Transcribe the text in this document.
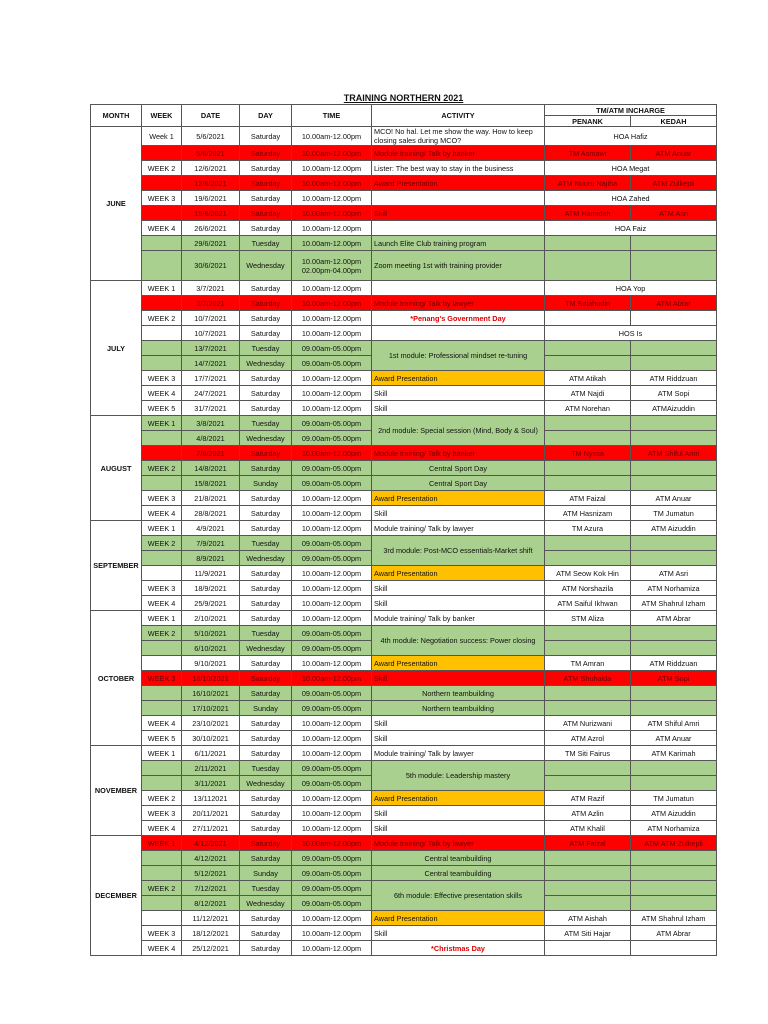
TRAINING NORTHERN 2021							
MONTH	WEEK	DATE	DAY	TIME	ACTIVITY	TM/ATM INCHARGE	
						PENANK	KEDAH
JUNE	Week 1	5/6/2021	Saturday	10.00am-12.00pm	MCO! No hal. Let me show the way. How to keep closing sales during MCO?	HOA Hafiz	
		5/6/2021	Saturday	10.00am-12.00pm	Module training/ Talk by banker	TM Asmawi	ATM Anuar
	WEEK 2	12/6/2021	Saturday	10.00am-12.00pm	Lister: The best way to stay in the business	HOA Megat	
		12/6/2021	Saturday	10.00am-12.00pm	Award Presentation	ATM Nuuru Najiha	ATM Zulkepli
	WEEK 3	19/6/2021	Saturday	10.00am-12.00pm		HOA Zahed	
		19/6/2021	Saturday	10.00am-12.00pm	Skill	ATM Hamidah	ATM Asri
	WEEK 4	26/6/2021	Saturday	10.00am-12.00pm		HOA Faiz	
		29/6/2021	Tuesday	10.00am-12.00pm	Launch Elite Club training program		
		30/6/2021	Wednesday	10.00am-12.00pm 02.00pm-04.00pm	Zoom meeting 1st with training provider		
JULY	WEEK 1	3/7/2021	Saturday	10.00am-12.00pm		HOA Yop	
		3/7/2021	Saturday	10.00am-12.00pm	Module training/ Talk by lawyer	TM Solahudin	ATM Abrar
	WEEK 2	10/7/2021	Saturday	10.00am-12.00pm	*Penang's Government Day		
		10/7/2021	Saturday	10.00am-12.00pm		HOS Is	
		13/7/2021	Tuesday	09.00am-05.00pm	1st module: Professional mindset re-tuning		
		14/7/2021	Wednesday	09.00am-05.00pm			
	WEEK 3	17/7/2021	Saturday	10.00am-12.00pm	Award Presentation	ATM Atikah	ATM Riddzuan
	WEEK 4	24/7/2021	Saturday	10.00am-12.00pm	Skill	ATM Najdi	ATM Sopi
	WEEK 5	31/7/2021	Saturday	10.00am-12.00pm	Skill	ATM Norehan	ATMAizuddin
AUGUST	WEEK 1	3/8/2021	Tuesday	09.00am-05.00pm	2nd module: Special session (Mind, Body & Soul)		
		4/8/2021	Wednesday	09.00am-05.00pm			
		7/8/2021	Saturday	10.00am-12.00pm	Module training/ Talk by banker	TM Nyssa	ATM Shiful Amri
	WEEK 2	14/8/2021	Saturday	09.00am-05.00pm	Central Sport Day		
		15/8/2021	Sunday	09.00am-05.00pm	Central Sport Day		
	WEEK 3	21/8/2021	Saturday	10.00am-12.00pm	Award Presentation	ATM Faizal	ATM Anuar
	WEEK 4	28/8/2021	Saturday	10.00am-12.00pm	Skill	ATM Hasnizam	TM Jumatun
SEPTEMBER	WEEK 1	4/9/2021	Saturday	10.00am-12.00pm	Module training/ Talk by lawyer	TM Azura	ATM Aizuddin
	WEEK 2	7/9/2021	Tuesday	09.00am-05.00pm	3rd module: Post-MCO essentials-Market shift		
		8/9/2021	Wednesday	09.00am-05.00pm			
		11/9/2021	Saturday	10.00am-12.00pm	Award Presentation	ATM Seow Kok Hin	ATM Asri
	WEEK 3	18/9/2021	Saturday	10.00am-12.00pm	Skill	ATM Norshazila	ATM Norhamiza
	WEEK 4	25/9/2021	Saturday	10.00am-12.00pm	Skill	ATM Saiful Ikhwan	ATM Shahrul Izham
OCTOBER	WEEK 1	2/10/2021	Saturday	10.00am-12.00pm	Module training/ Talk by banker	STM Aliza	ATM Abrar
	WEEK 2	5/10/2021	Tuesday	09.00am-05.00pm	4th module: Negotiation success: Power closing		
		6/10/2021	Wednesday	09.00am-05.00pm			
		9/10/2021	Saturday	10.00am-12.00pm	Award Presentation	TM Amran	ATM Riddzuan
	WEEK 3	16/10/2021	Saturday	10.00am-12.00pm	Skill	ATM Shuhaida	ATM Sopi
		16/10/2021	Saturday	09.00am-05.00pm	Northern teambuilding		
		17/10/2021	Sunday	09.00am-05.00pm	Northern teambuilding		
	WEEK 4	23/10/2021	Saturday	10.00am-12.00pm	Skill	ATM Nurizwani	ATM Shiful Amri
	WEEK 5	30/10/2021	Saturday	10.00am-12.00pm	Skill	ATM Azrol	ATM Anuar
NOVEMBER	WEEK 1	6/11/2021	Saturday	10.00am-12.00pm	Module training/ Talk by lawyer	TM Siti Fairus	ATM Karimah
		2/11/2021	Tuesday	09.00am-05.00pm	5th module: Leadership mastery		
		3/11/2021	Wednesday	09.00am-05.00pm			
	WEEK 2	13/112021	Saturday	10.00am-12.00pm	Award Presentation	ATM Razif	TM Jumatun
	WEEK 3	20/11/2021	Saturday	10.00am-12.00pm	Skill	ATM Azlin	ATM Aizuddin
	WEEK 4	27/11/2021	Saturday	10.00am-12.00pm	Skill	ATM Khalil	ATM Norhamiza
DECEMBER	WEEK 1	4/12/2021	Saturday	10.00am-12.00pm	Module training/ Talk by lawyer	ATM Faizal	ATM ATM Zulkepli
		4/12/2021	Saturday	09.00am-05.00pm	Central teambuilding		
		5/12/2021	Sunday	09.00am-05.00pm	Central teambuilding		
	WEEK 2	7/12/2021	Tuesday	09.00am-05.00pm	6th module: Effective presentation skills		
		8/12/2021	Wednesday	09.00am-05.00pm			
		11/12/2021	Saturday	10.00am-12.00pm	Award Presentation	ATM Aishah	ATM Shahrul Izham
	WEEK 3	18/12/2021	Saturday	10.00am-12.00pm	Skill	ATM Siti Hajar	ATM Abrar
	WEEK 4	25/12/2021	Saturday	10.00am-12.00pm	*Christmas Day		
